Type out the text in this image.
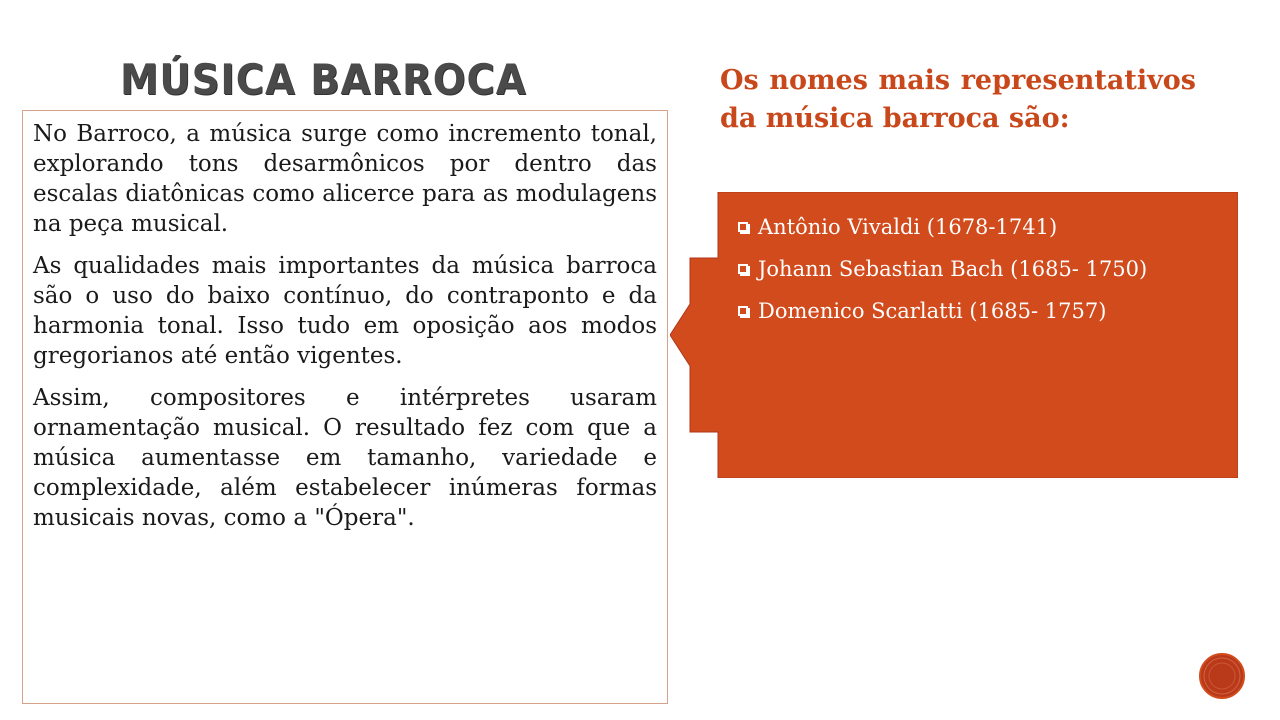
MÚSICA BARROCA

No Barroco, a música surge como incremento tonal, explorando tons desarmônicos por dentro das escalas diatônicas como alicerce para as modulagens na peça musical.

As qualidades mais importantes da música barroca são o uso do baixo contínuo, do contraponto e da harmonia tonal. Isso tudo em oposição aos modos gregorianos até então vigentes.

Assim, compositores e intérpretes usaram ornamentação musical. O resultado fez com que a música aumentasse em tamanho, variedade e complexidade, além estabelecer inúmeras formas musicais novas, como a "Ópera".

Os nomes mais representativos da música barroca são:
Antônio Vivaldi (1678-1741)
Johann Sebastian Bach (1685- 1750)
Domenico Scarlatti (1685- 1757)
